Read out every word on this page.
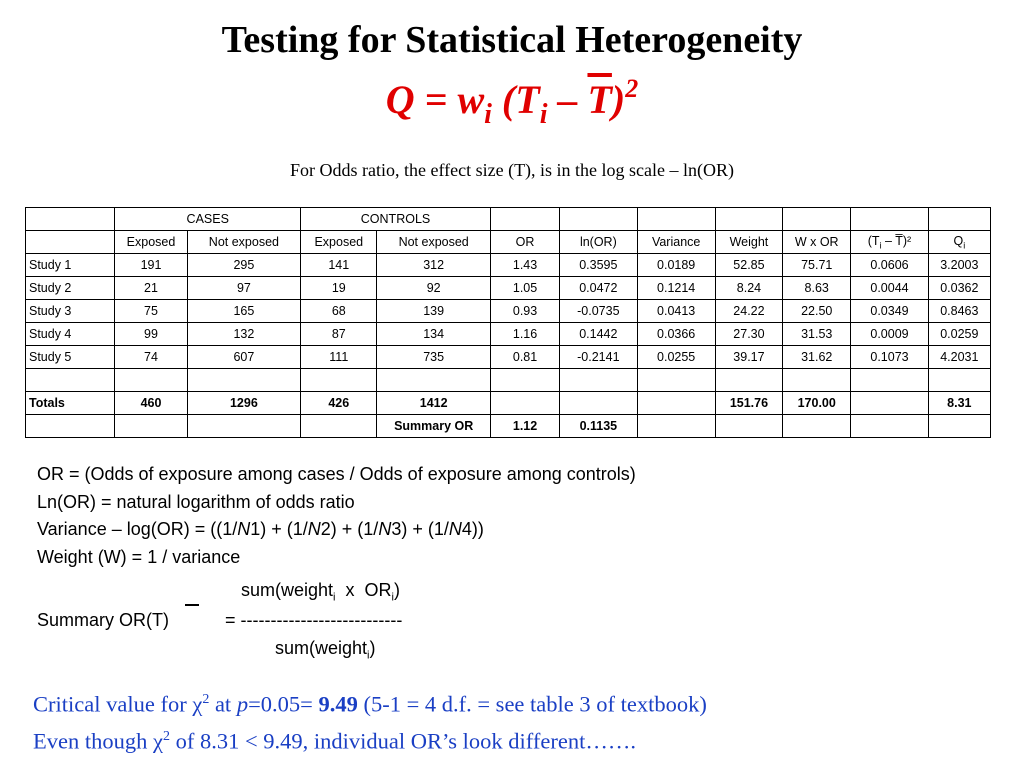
Testing for Statistical Heterogeneity
$Q = w_i$ $(T_i - \overline{T})^2$
For Odds ratio, the effect size (T), is in the log scale – ln(OR)
	CASES		CONTROLS								
	Exposed	Not exposed	Exposed	Not exposed	OR	ln(OR)	Variance	Weight	W x OR	($T_i$ – T̅)²	$Q_i$
Study 1	191	295	141	312	1.43	0.3595	0.0189	52.85	75.71	0.0606	3.2003
Study 2	21	97	19	92	1.05	0.0472	0.1214	8.24	8.63	0.0044	0.0362
Study 3	75	165	68	139	0.93	-0.0735	0.0413	24.22	22.50	0.0349	0.8463
Study 4	99	132	87	134	1.16	0.1442	0.0366	27.30	31.53	0.0009	0.0259
Study 5	74	607	111	735	0.81	-0.2141	0.0255	39.17	31.62	0.1073	4.2031

Totals	460	1296	426	1412				151.76	170.00		8.31
				Summary OR	1.12	0.1135					
OR = (Odds of exposure among cases / Odds of exposure among controls)
Ln(OR) = natural logarithm of odds ratio
Variance – log(OR) = ((1/N1) + (1/N2) + (1/N3) + (1/N4))
Weight (W) = 1 / variance
sum(weight$_i$  x  $OR_i$)
Summary OR(T)	= ---------------------------
sum(weight$_i$)
Critical value for $\chi^2$ at p=0.05= 9.49 (5-1 = 4 d.f. = see table 3 of textbook)
Even though $\chi^2$ of 8.31 < 9.49, individual OR’s look different…….
